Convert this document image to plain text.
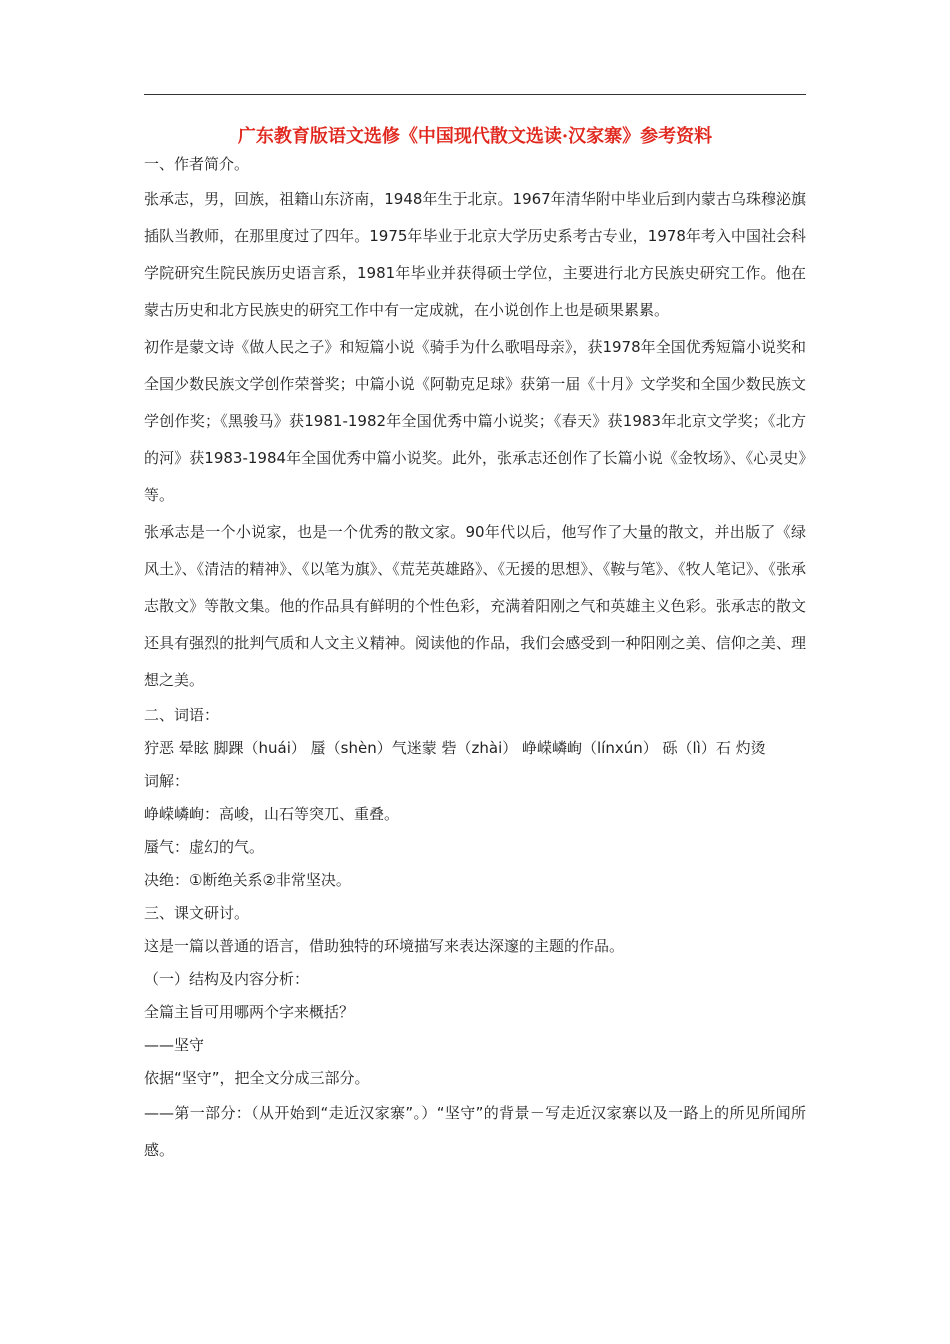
广东教育版语文选修《中国现代散文选读·汉家寨》参考资料

一、作者简介。

张承志，男，回族，祖籍山东济南，1948年生于北京。1967年清华附中毕业后到内蒙古乌珠穆泌旗插队当教师，在那里度过了四年。1975年毕业于北京大学历史系考古专业，1978年考入中国社会科学院研究生院民族历史语言系，1981年毕业并获得硕士学位，主要进行北方民族史研究工作。他在蒙古历史和北方民族史的研究工作中有一定成就，在小说创作上也是硕果累累。

初作是蒙文诗《做人民之子》和短篇小说《骑手为什么歌唱母亲》，获1978年全国优秀短篇小说奖和全国少数民族文学创作荣誉奖；中篇小说《阿勒克足球》获第一届《十月》文学奖和全国少数民族文学创作奖；《黑骏马》获1981-1982年全国优秀中篇小说奖；《春天》获1983年北京文学奖；《北方的河》获1983-1984年全国优秀中篇小说奖。此外，张承志还创作了长篇小说《金牧场》、《心灵史》等。

张承志是一个小说家，也是一个优秀的散文家。90年代以后，他写作了大量的散文，并出版了《绿风土》、《清洁的精神》、《以笔为旗》、《荒芜英雄路》、《无援的思想》、《鞍与笔》、《牧人笔记》、《张承志散文》等散文集。他的作品具有鲜明的个性色彩，充满着阳刚之气和英雄主义色彩。张承志的散文还具有强烈的批判气质和人文主义精神。阅读他的作品，我们会感受到一种阳刚之美、信仰之美、理想之美。

二、词语：

狞恶 晕眩 脚踝（huái） 蜃（shèn）气迷蒙 砦（zhài） 峥嵘嶙峋（línxún） 砾（lì）石 灼烫

词解：

峥嵘嶙峋：高峻，山石等突兀、重叠。

蜃气：虚幻的气。

决绝：①断绝关系②非常坚决。

三、课文研讨。

这是一篇以普通的语言，借助独特的环境描写来表达深邃的主题的作品。

（一）结构及内容分析：

全篇主旨可用哪两个字来概括？

——坚守

依据“坚守”，把全文分成三部分。

——第一部分：（从开始到“走近汉家寨”。）“坚守”的背景－写走近汉家寨以及一路上的所见所闻所感。
